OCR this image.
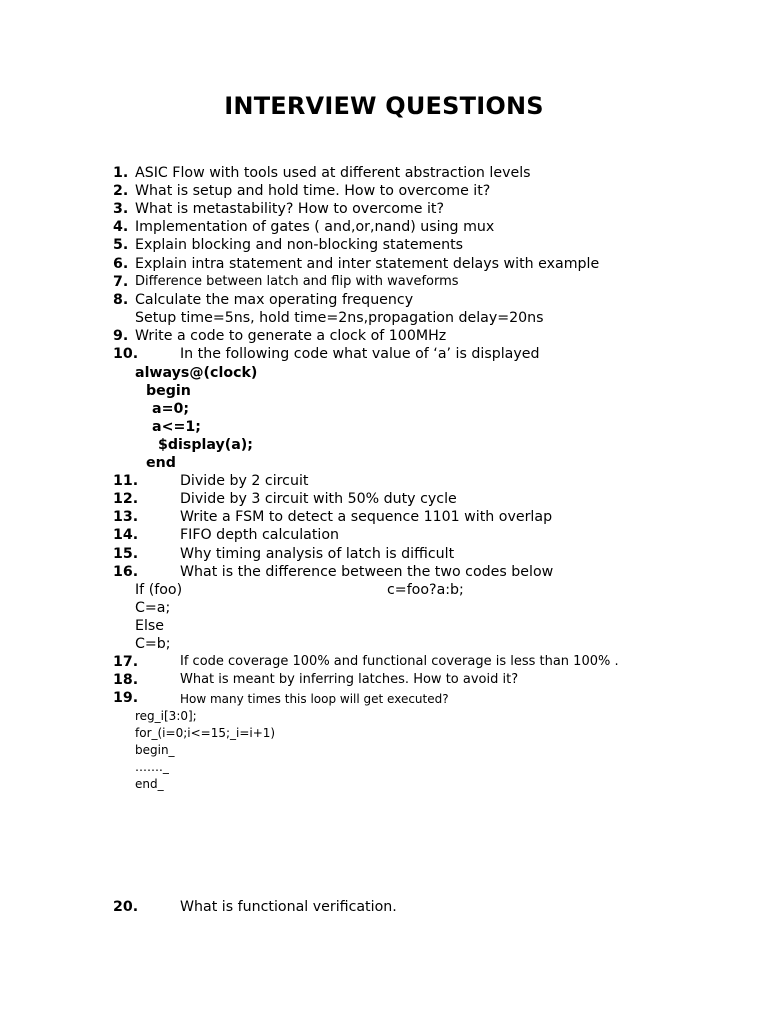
INTERVIEW QUESTIONS
1. ASIC Flow with tools used at different abstraction levels
2. What is setup and hold time. How to overcome it?
3. What is metastability? How to overcome it?
4. Implementation of gates ( and,or,nand) using mux
5. Explain blocking and non-blocking statements
6. Explain intra statement and inter statement delays with example
7. Difference between latch and flip with waveforms
8. Calculate the max operating frequency
Setup time=5ns, hold time=2ns,propagation delay=20ns
9. Write a code to generate a clock of 100MHz
10.	In the following code what value of ‘a’ is displayed
always@(clock)
begin
a=0;
a<=1;
$display(a);
end
11.	Divide by 2 circuit
12.	Divide by 3 circuit with 50% duty cycle
13.	Write a FSM to detect a sequence 1101 with overlap
14.	FIFO depth calculation
15.	Why timing analysis of latch is difficult
16.	What is the difference between the two codes below
If (foo)	c=foo?a:b;
C=a;
Else
C=b;
17.	If code coverage 100% and functional coverage is less than 100% .
18.	What is meant by inferring latches. How to avoid it?
19.	How many times this loop will get executed?
reg_i[3:0];
for_(i=0;i<=15;_i=i+1)
begin_
……._
end_
20.	What is functional verification.
